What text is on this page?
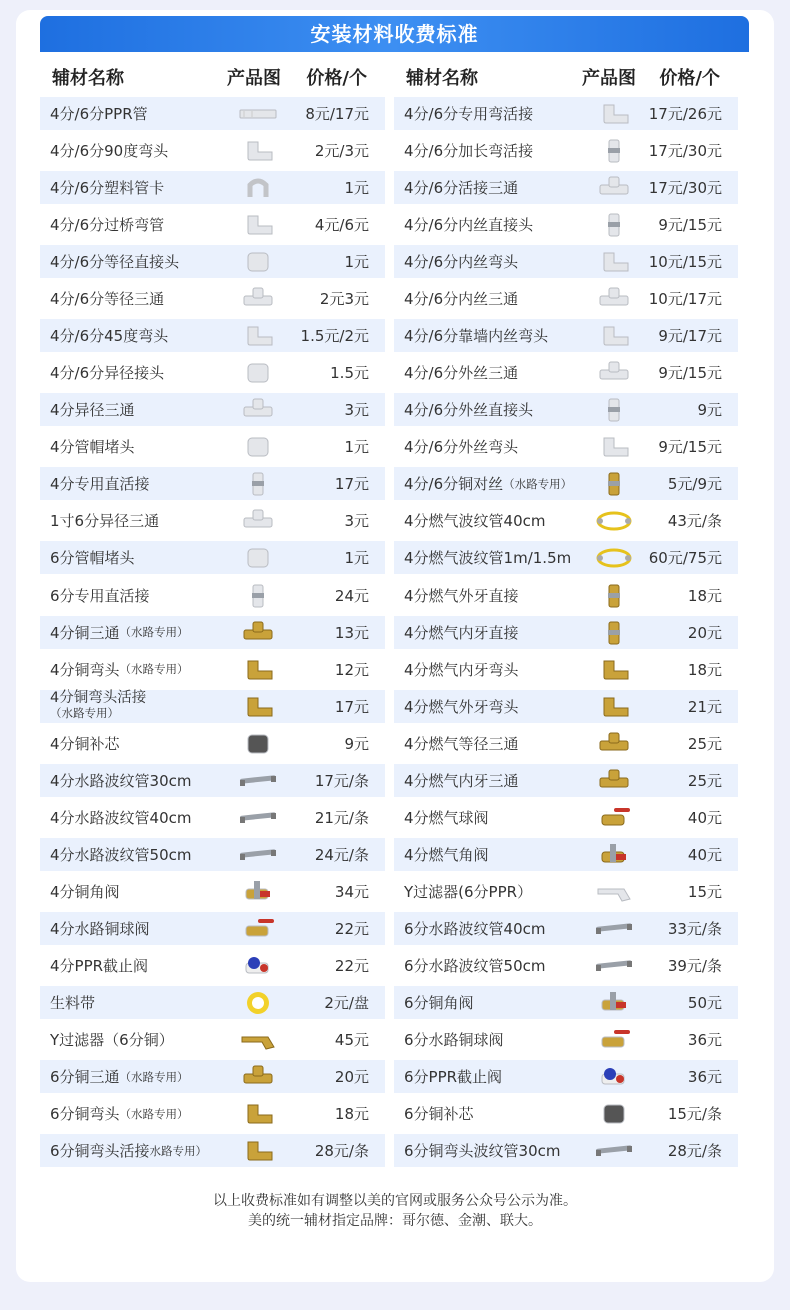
安装材料收费标准
辅材名称	产品图 价格/个
4分/6分PPR管	8元/17元
4分/6分90度弯头	2元/3元
4分/6分塑料管卡	1元
4分/6分过桥弯管	4元/6元
4分/6分等径直接头	1元
4分/6分等径三通	2元3元
4分/6分45度弯头	1.5元/2元
4分/6分异径接头	1.5元
4分异径三通	3元
4分管帽堵头	1元
4分专用直活接	17元
1寸6分异径三通	3元
6分管帽堵头	1元
6分专用直活接	24元
4分铜三通 （水路专用）	13元
4分铜弯头 （水路专用）	12元
4分铜弯头活接
（水路专用）	17元
4分铜补芯	9元
4分水路波纹管30cm	17元/条
4分水路波纹管40cm	21元/条
4分水路波纹管50cm	24元/条
4分铜角阀	34元
4分水路铜球阀	22元
4分PPR截止阀	22元
生料带	2元/盘
Y过滤器（6分铜）	45元
6分铜三通 （水路专用）	20元
6分铜弯头 （水路专用）	18元
6分铜弯头活接 水路专用）	28元/条
辅材名称	产品图 价格/个
4分/6分专用弯活接	17元/26元
4分/6分加长弯活接	17元/30元
4分/6分活接三通	17元/30元
4分/6分内丝直接头	9元/15元
4分/6分内丝弯头	10元/15元
4分/6分内丝三通	10元/17元
4分/6分靠墙内丝弯头	9元/17元
4分/6分外丝三通	9元/15元
4分/6分外丝直接头	9元
4分/6分外丝弯头	9元/15元
4分/6分铜对丝 （水路专用）	5元/9元
4分燃气波纹管40cm	43元/条
4分燃气波纹管1m/1.5m	60元/75元
4分燃气外牙直接	18元
4分燃气内牙直接	20元
4分燃气内牙弯头	18元
4分燃气外牙弯头	21元
4分燃气等径三通	25元
4分燃气内牙三通	25元
4分燃气球阀	40元
4分燃气角阀	40元
Y过滤器(6分PPR）	15元
6分水路波纹管40cm	33元/条
6分水路波纹管50cm	39元/条
6分铜角阀	50元
6分水路铜球阀	36元
6分PPR截止阀	36元
6分铜补芯	15元/条
6分铜弯头波纹管30cm	28元/条
以上收费标准如有调整以美的官网或服务公众号公示为准。
美的统一辅材指定品牌：哥尔德、金潮、联大。
